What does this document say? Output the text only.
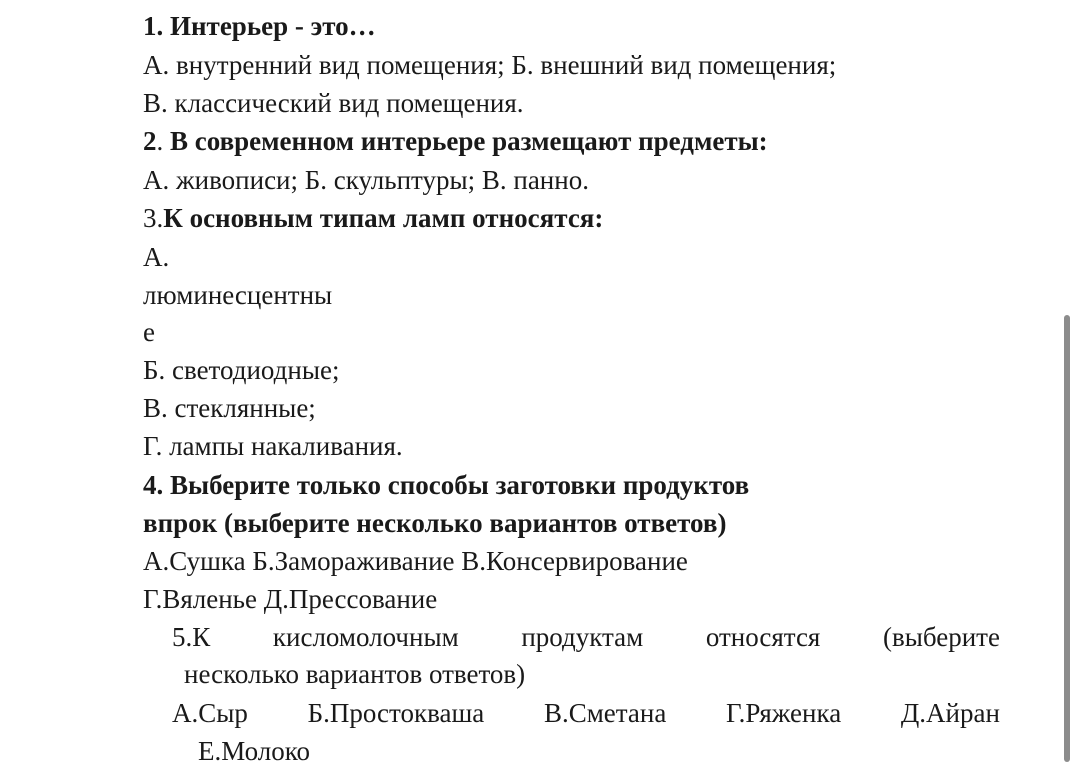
1. Интерьер - это…
А. внутренний вид помещения; Б. внешний вид помещения;
В. классический вид помещения.
2. В современном интерьере размещают предметы:
А. живописи; Б. скульптуры; В. панно.
3.К основным типам ламп относятся:
А.
люминесцентны
е
Б. светодиодные;
В. стеклянные;
Г. лампы накаливания.
4. Выберите только способы заготовки продуктов
впрок (выберите несколько вариантов ответов)
А.Сушка Б.Замораживание В.Консервирование
Г.Вяленье Д.Прессование
5.К кисломолочным продуктам относятся (выберите
несколько вариантов ответов)
А.Сыр Б.Простокваша В.Сметана Г.Ряженка Д.Айран
Е.Молоко
